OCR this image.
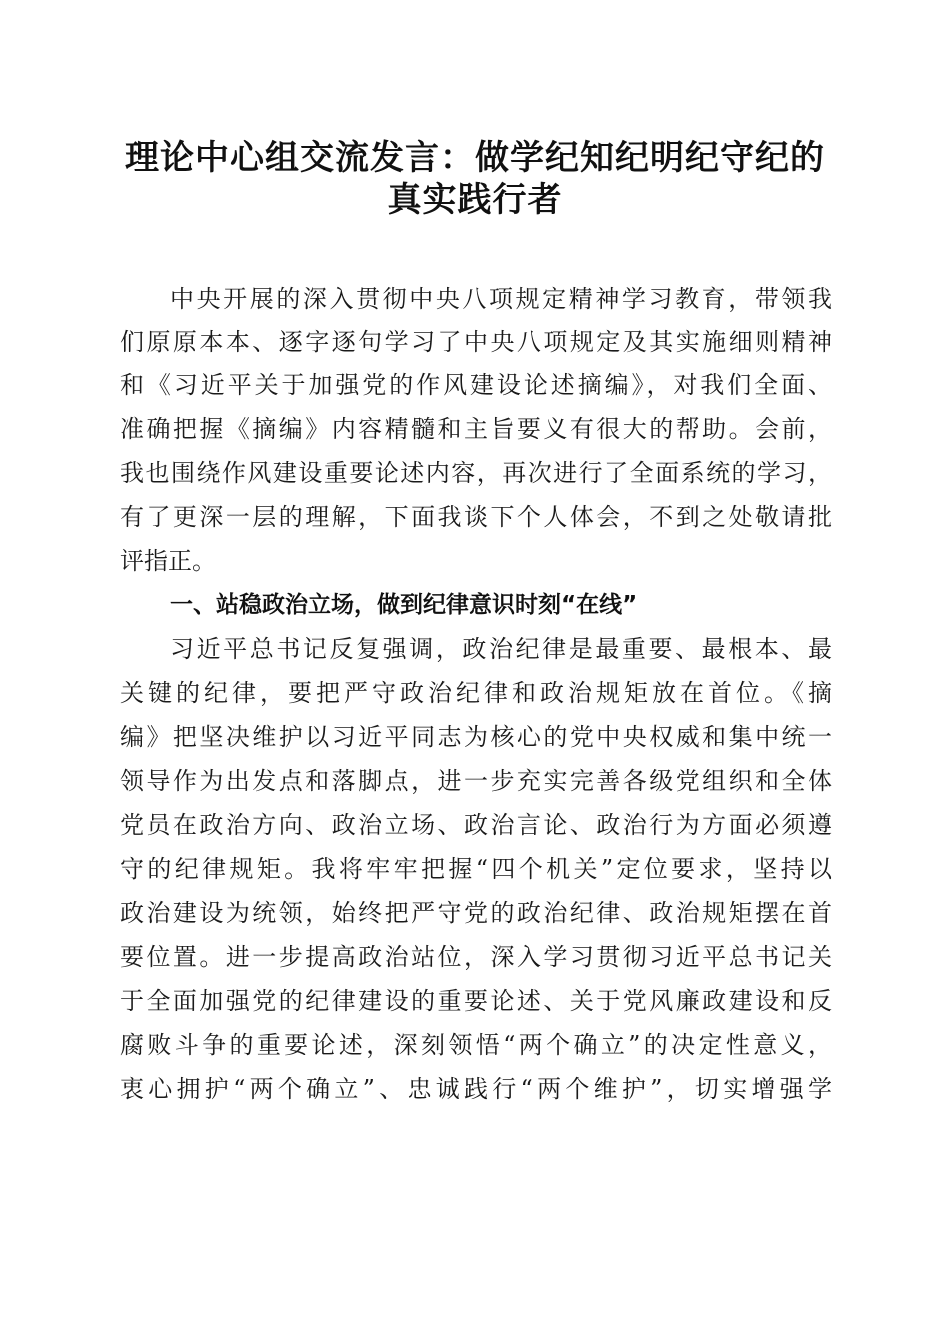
理论中心组交流发言：做学纪知纪明纪守纪的
真实践行者
中央开展的深入贯彻中央八项规定精神学习教育，带领我
们原原本本、逐字逐句学习了中央八项规定及其实施细则精神
和《习近平关于加强党的作风建设论述摘编》，对我们全面、
准确把握《摘编》内容精髓和主旨要义有很大的帮助。会前，
我也围绕作风建设重要论述内容，再次进行了全面系统的学习，
有了更深一层的理解，下面我谈下个人体会，不到之处敬请批
评指正。
一、站稳政治立场，做到纪律意识时刻“在线”
习近平总书记反复强调，政治纪律是最重要、最根本、最
关键的纪律，要把严守政治纪律和政治规矩放在首位。《摘
编》把坚决维护以习近平同志为核心的党中央权威和集中统一
领导作为出发点和落脚点，进一步充实完善各级党组织和全体
党员在政治方向、政治立场、政治言论、政治行为方面必须遵
守的纪律规矩。我将牢牢把握“四个机关”定位要求，坚持以
政治建设为统领，始终把严守党的政治纪律、政治规矩摆在首
要位置。进一步提高政治站位，深入学习贯彻习近平总书记关
于全面加强党的纪律建设的重要论述、关于党风廉政建设和反
腐败斗争的重要论述，深刻领悟“两个确立”的决定性意义，
衷心拥护“两个确立”、忠诚践行“两个维护”，切实增强学
